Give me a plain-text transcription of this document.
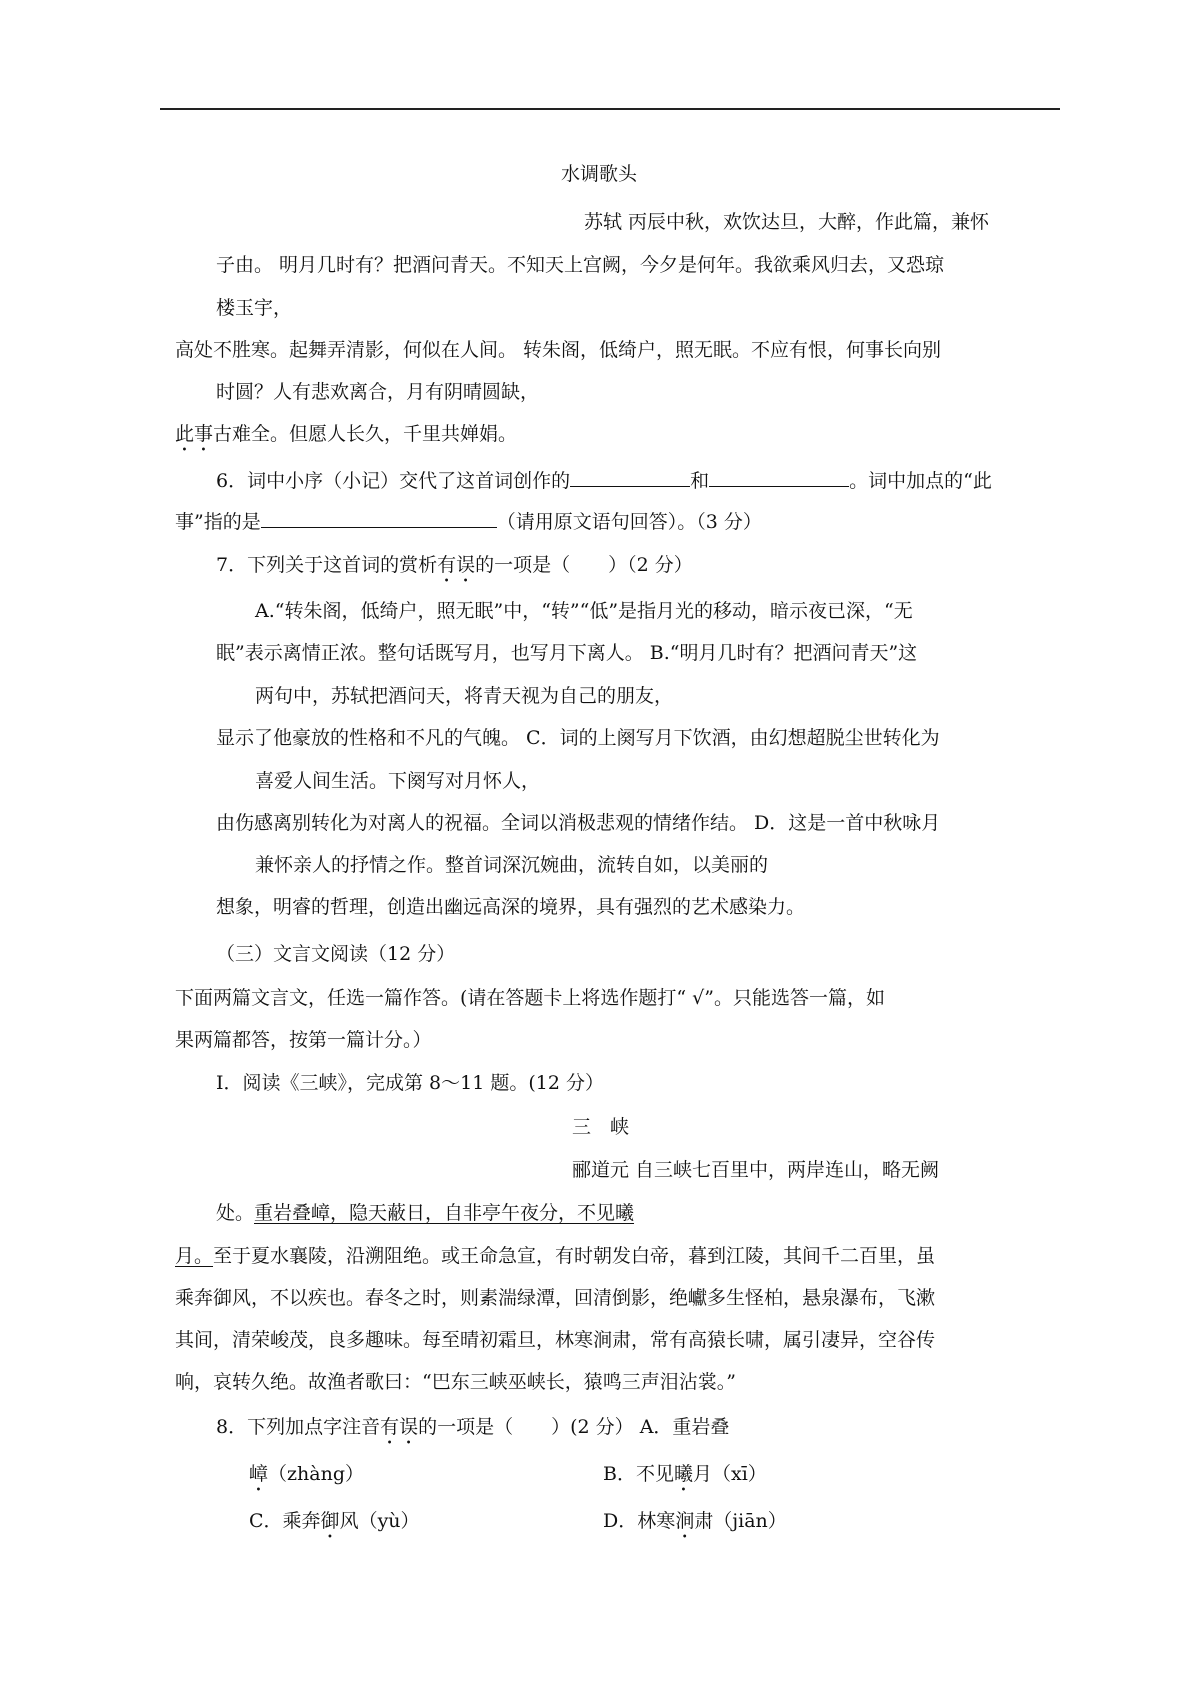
水调歌头
苏轼 丙辰中秋，欢饮达旦，大醉，作此篇，兼怀
子由。 明月几时有？把酒问青天。不知天上宫阙，今夕是何年。我欲乘风归去，又恐琼
楼玉宇，
高处不胜寒。起舞弄清影，何似在人间。 转朱阁，低绮户，照无眠。不应有恨，何事长向别
时圆？人有悲欢离合，月有阴晴圆缺，
此事古难全。但愿人长久，千里共婵娟。
6．词中小序（小记）交代了这首词创作的	和	。词中加点的“此
事”指的是	（请用原文语句回答）。（3 分）
7．下列关于这首词的赏析有误的一项是（　　）（2 分）
A.“转朱阁，低绮户，照无眠”中，“转”“低”是指月光的移动，暗示夜已深，“无
眠”表示离情正浓。整句话既写月，也写月下离人。 B.“明月几时有？把酒问青天”这
两句中，苏轼把酒问天，将青天视为自己的朋友，
显示了他豪放的性格和不凡的气魄。 C．词的上阕写月下饮酒，由幻想超脱尘世转化为
喜爱人间生活。下阕写对月怀人，
由伤感离别转化为对离人的祝福。全词以消极悲观的情绪作结。 D．这是一首中秋咏月
兼怀亲人的抒情之作。整首词深沉婉曲，流转自如，以美丽的
想象，明睿的哲理，创造出幽远高深的境界，具有强烈的艺术感染力。
（三）文言文阅读（12 分）
下面两篇文言文，任选一篇作答。(请在答题卡上将选作题打“ √”。只能选答一篇，如
果两篇都答，按第一篇计分。）
Ⅰ．阅读《三峡》，完成第 8～11 题。(12 分）
三　峡
郦道元 自三峡七百里中，两岸连山，略无阙
处。重岩叠嶂，隐天蔽日，自非亭午夜分，不见曦
月。至于夏水襄陵，沿溯阻绝。或王命急宣，有时朝发白帝，暮到江陵，其间千二百里，虽
乘奔御风，不以疾也。春冬之时，则素湍绿潭，回清倒影，绝巘多生怪柏，悬泉瀑布，飞漱
其间，清荣峻茂，良多趣味。每至晴初霜旦，林寒涧肃，常有高猿长啸，属引凄异，空谷传
响，哀转久绝。故渔者歌曰：“巴东三峡巫峡长，猿鸣三声泪沾裳。”
8．下列加点字注音有误的一项是（　　）(2 分） A．重岩叠
嶂（zhàng）	B．不见曦月（xī）
C．乘奔御风（yù）	D．林寒涧肃（jiān）
